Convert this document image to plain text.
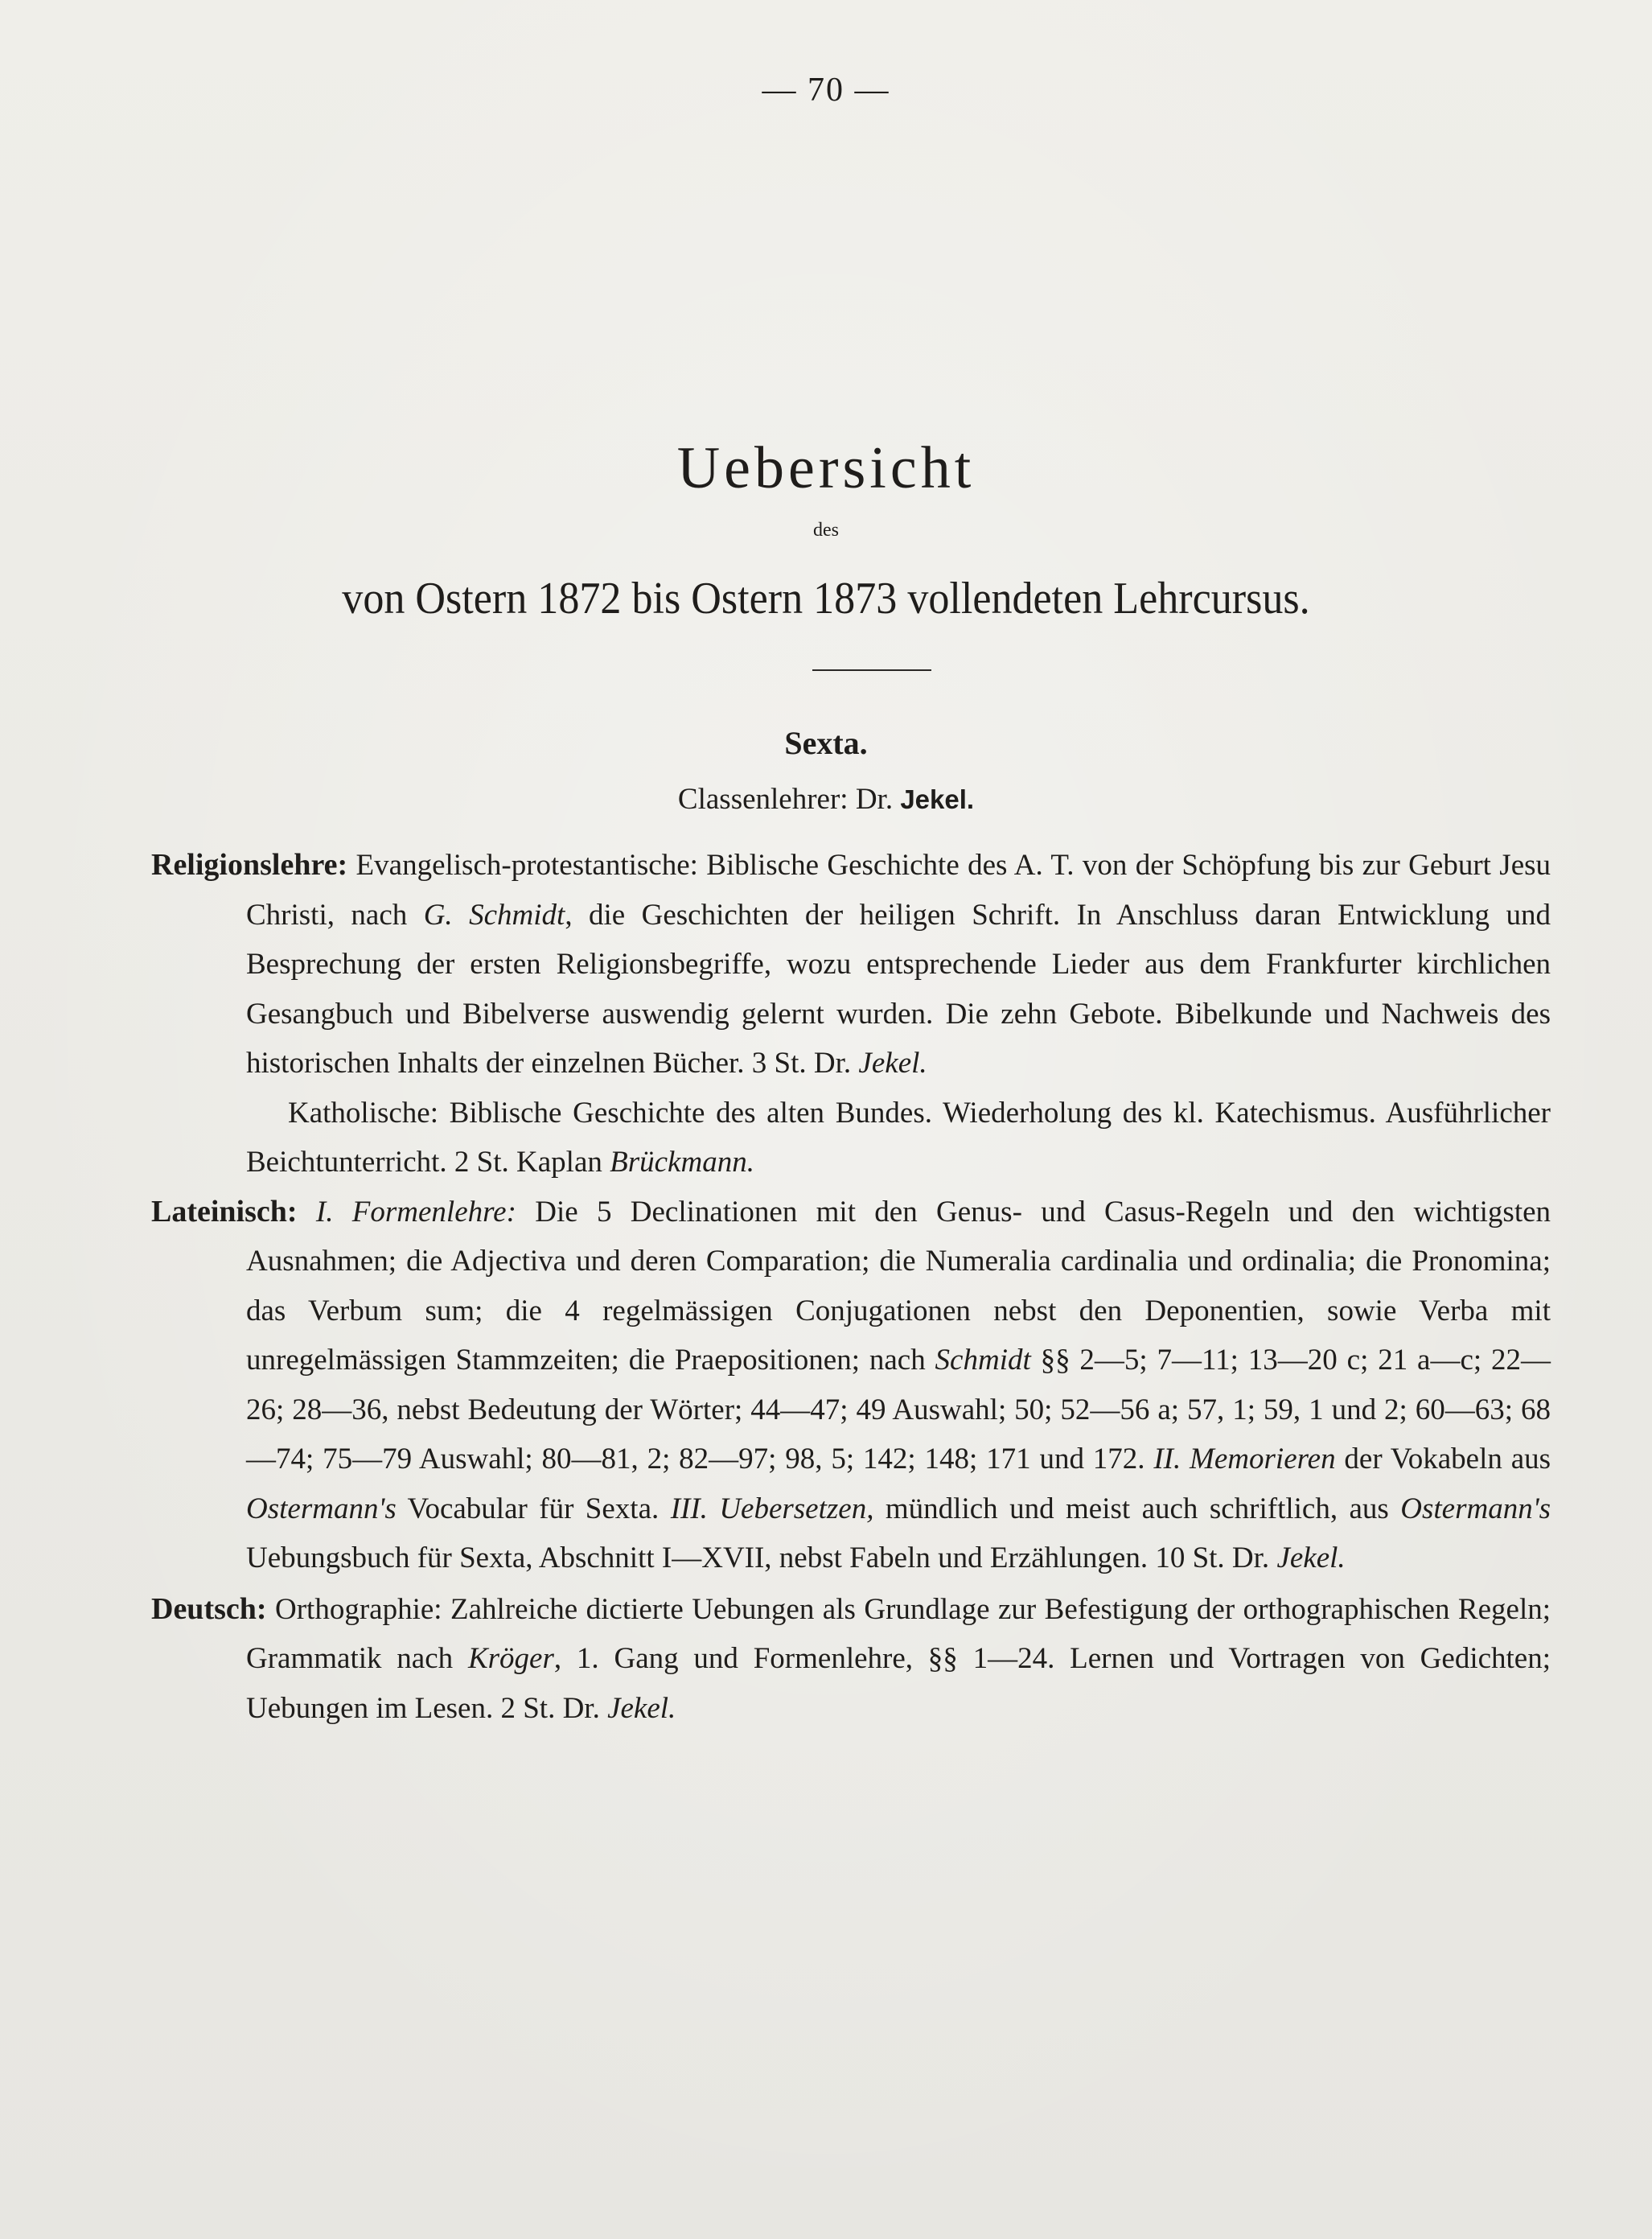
— 70 —
Uebersicht
des
von Ostern 1872 bis Ostern 1873 vollendeten Lehrcursus.
Sexta.
Classenlehrer: Dr. Jekel.

Religionslehre: Evangelisch-protestantische: Biblische Geschichte des A. T. von der Schöpfung bis zur Geburt Jesu Christi, nach G. Schmidt, die Geschichten der heiligen Schrift. In Anschluss daran Entwicklung und Besprechung der ersten Religionsbegriffe, wozu entsprechende Lieder aus dem Frankfurter kirchlichen Gesangbuch und Bibelverse auswendig gelernt wurden. Die zehn Gebote. Bibelkunde und Nachweis des historischen Inhalts der einzelnen Bücher. 3 St. Dr. Jekel.

Katholische: Biblische Geschichte des alten Bundes. Wiederholung des kl. Katechismus. Ausführlicher Beichtunterricht. 2 St. Kaplan Brückmann.

Lateinisch: I. Formenlehre: Die 5 Declinationen mit den Genus- und Casus-Regeln und den wichtigsten Ausnahmen; die Adjectiva und deren Comparation; die Numeralia cardinalia und ordinalia; die Pronomina; das Verbum sum; die 4 regelmässigen Conjugationen nebst den Deponentien, sowie Verba mit unregelmässigen Stammzeiten; die Praepositionen; nach Schmidt §§ 2—5; 7—11; 13—20 c; 21 a—c; 22—26; 28—36, nebst Bedeutung der Wörter; 44—47; 49 Auswahl; 50; 52—56 a; 57, 1; 59, 1 und 2; 60—63; 68—74; 75—79 Auswahl; 80—81, 2; 82—97; 98, 5; 142; 148; 171 und 172. II. Memorieren der Vokabeln aus Ostermann's Vocabular für Sexta. III. Uebersetzen, mündlich und meist auch schriftlich, aus Ostermann's Uebungsbuch für Sexta, Abschnitt I—XVII, nebst Fabeln und Erzählungen. 10 St. Dr. Jekel.

Deutsch: Orthographie: Zahlreiche dictierte Uebungen als Grundlage zur Befestigung der orthographischen Regeln; Grammatik nach Kröger, 1. Gang und Formenlehre, §§ 1—24. Lernen und Vortragen von Gedichten; Uebungen im Lesen. 2 St. Dr. Jekel.
